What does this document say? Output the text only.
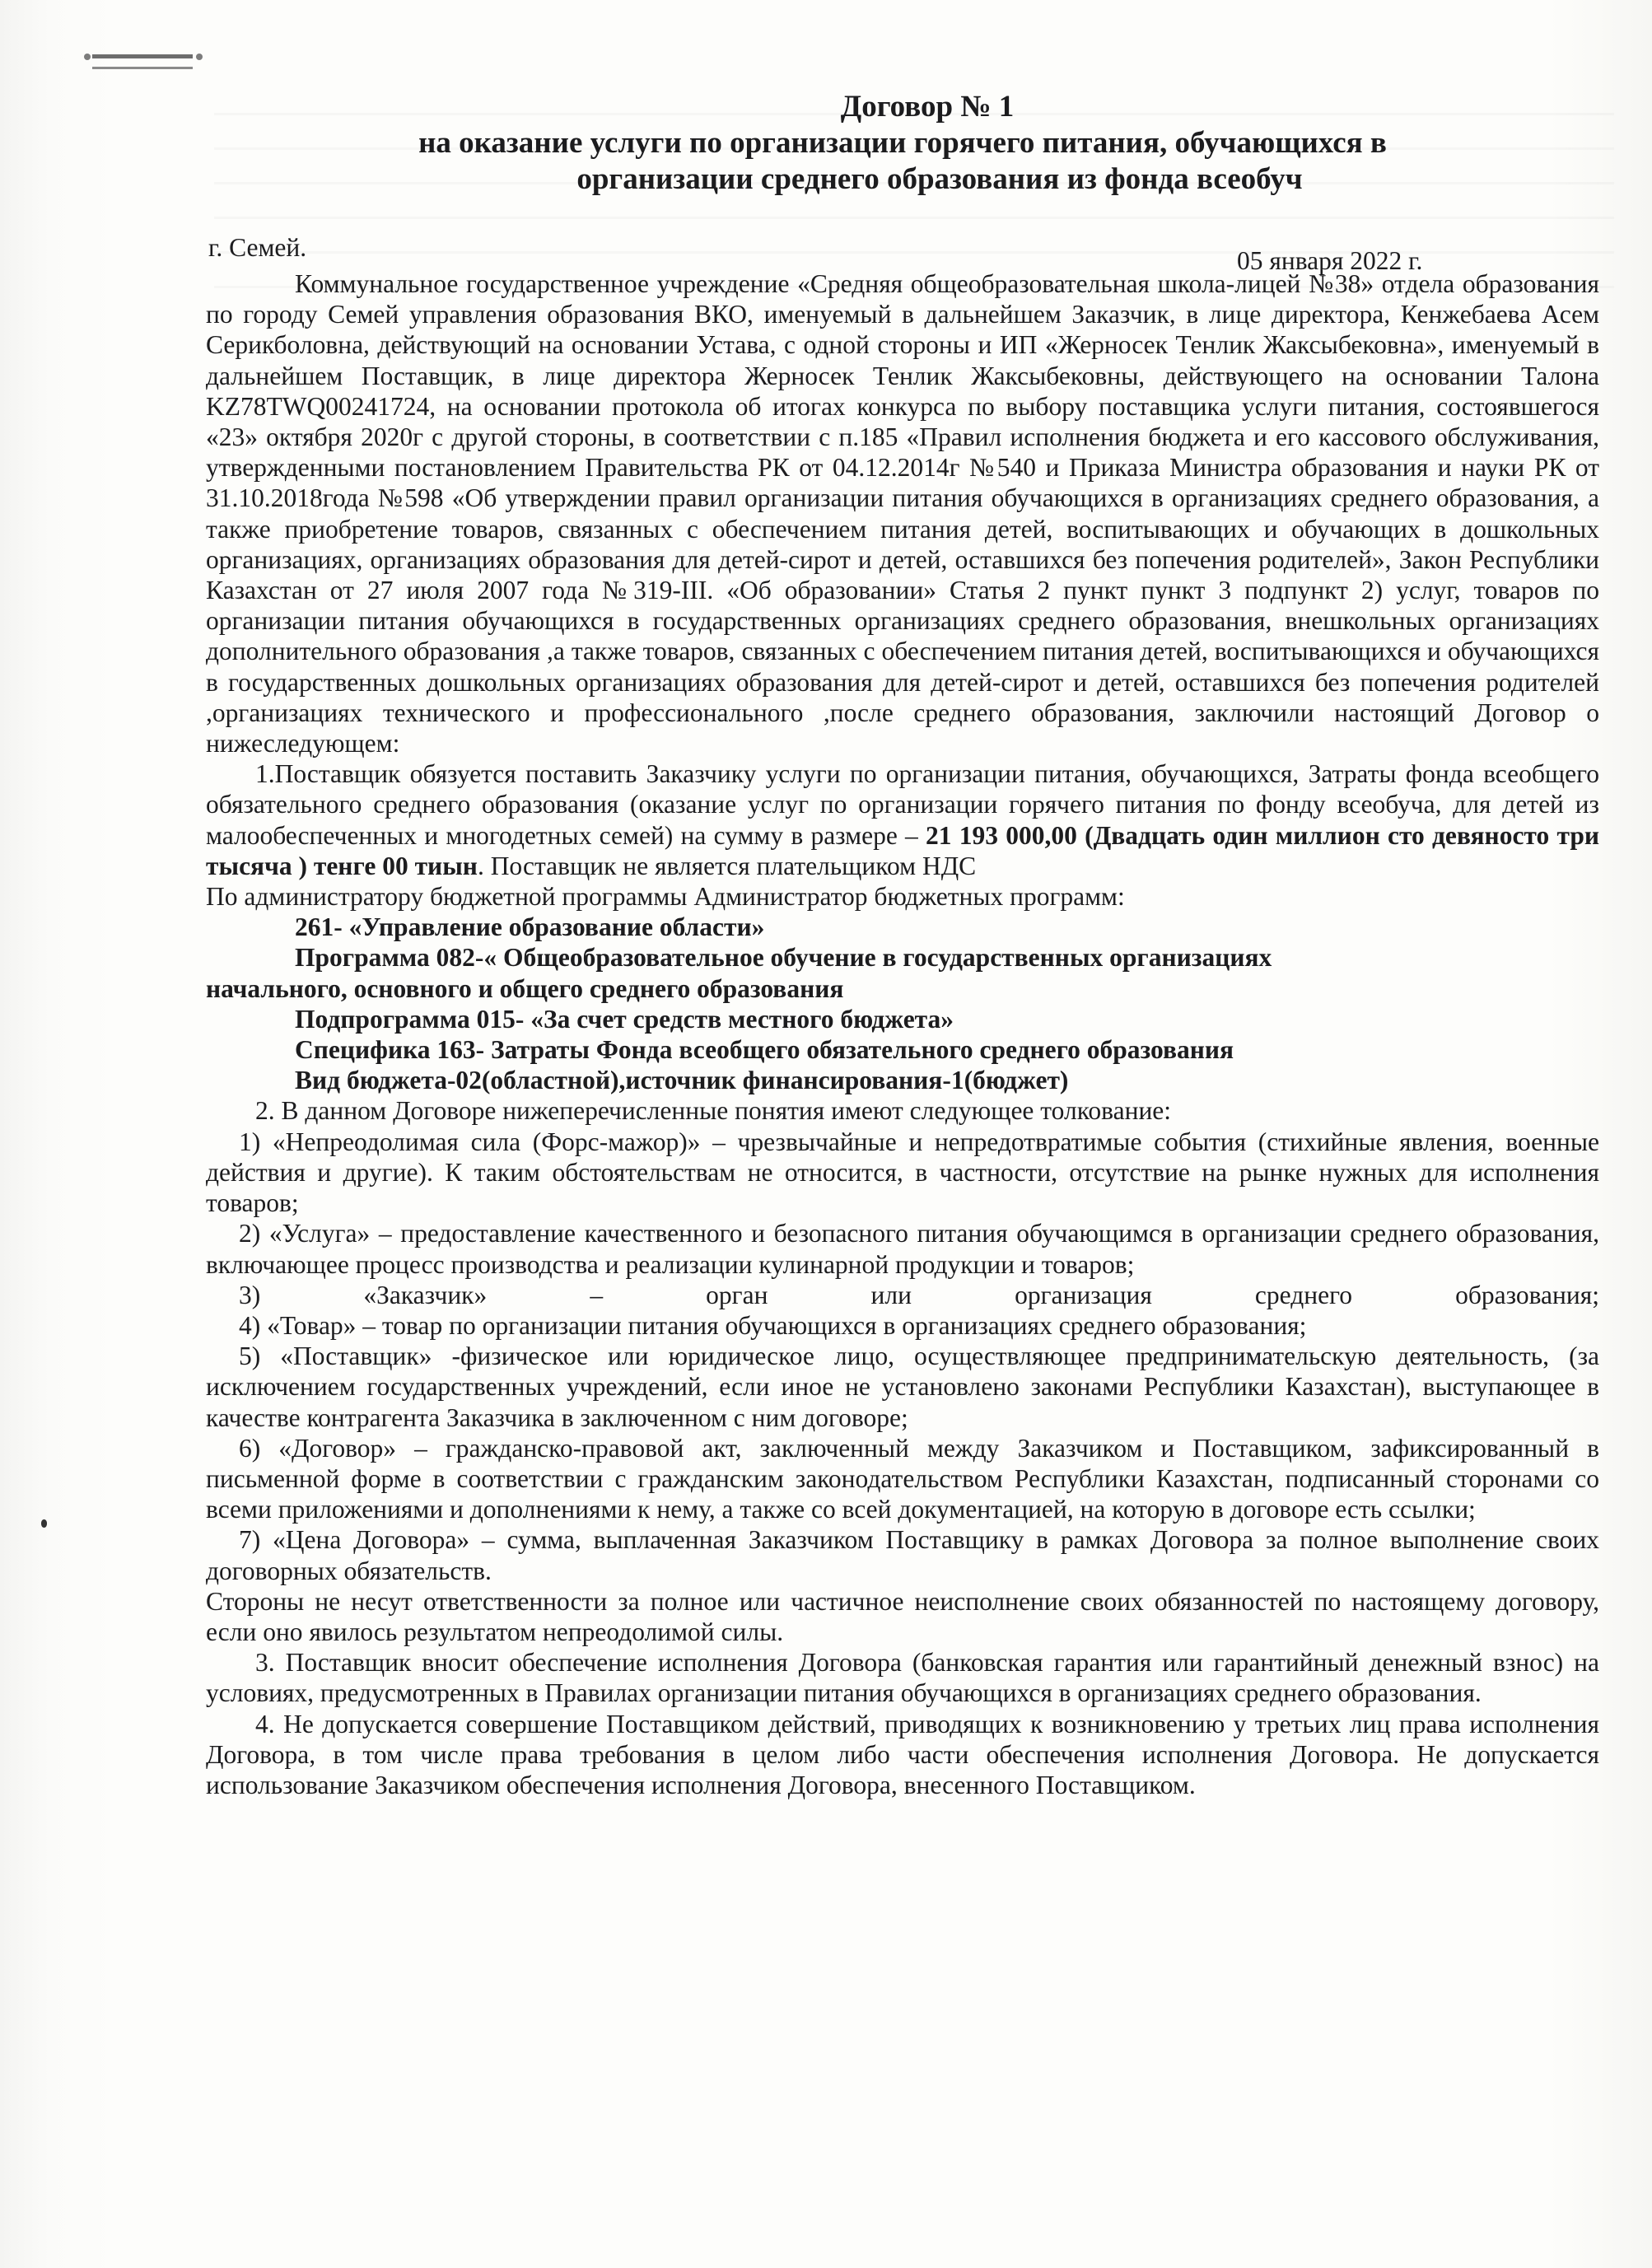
Договор № 1
на оказание услуги по организации горячего питания, обучающихся в
организации среднего образования из фонда всеобуч
г. Семей.	05 января 2022 г.

Коммунальное государственное учреждение «Средняя общеобразовательная школа-лицей №38» отдела образования по городу Семей управления образования ВКО, именуемый в дальнейшем Заказчик, в лице директора, Кенжебаева Асем Серикболовна, действующий на основании Устава, с одной стороны и ИП «Жерносек Тенлик Жаксыбековна», именуемый в дальнейшем Поставщик, в лице директора Жерносек Тенлик Жаксыбековны, действующего на основании Талона KZ78TWQ00241724, на основании протокола об итогах конкурса по выбору поставщика услуги питания, состоявшегося «23» октября 2020г с другой стороны, в соответствии с п.185 «Правил исполнения бюджета и его кассового обслуживания, утвержденными постановлением Правительства РК от 04.12.2014г №540 и Приказа Министра образования и науки РК от 31.10.2018года №598 «Об утверждении правил организации питания обучающихся в организациях среднего образования, а также приобретение товаров, связанных с обеспечением питания детей, воспитывающих и обучающих в дошкольных организациях, организациях образования для детей-сирот и детей, оставшихся без попечения родителей», Закон Республики Казахстан от 27 июля 2007 года №319-III. «Об образовании» Статья 2 пункт пункт 3 подпункт 2) услуг, товаров по организации питания обучающихся в государственных организациях среднего образования, внешкольных организациях дополнительного образования ,а также товаров, связанных с обеспечением питания детей, воспитывающихся и обучающихся в государственных дошкольных организациях образования для детей-сирот и детей, оставшихся без попечения родителей ,организациях технического и профессионального ,после среднего образования, заключили настоящий Договор о нижеследующем:

1.Поставщик обязуется поставить Заказчику услуги по организации питания, обучающихся, Затраты фонда всеобщего обязательного среднего образования (оказание услуг по организации горячего питания по фонду всеобуча, для детей из малообеспеченных и многодетных семей) на сумму в размере – 21 193 000,00 (Двадцать один миллион сто девяносто три тысяча ) тенге 00 тиын. Поставщик не является плательщиком НДС

По администратору бюджетной программы Администратор бюджетных программ:

261- «Управление образование области»
Программа 082-« Общеобразовательное обучение в государственных организациях
начального, основного и общего среднего образования
Подпрограмма 015- «За счет средств местного бюджета»
Специфика 163- Затраты Фонда всеобщего обязательного среднего образования
Вид бюджета-02(областной),источник финансирования-1(бюджет)

2. В данном Договоре нижеперечисленные понятия имеют следующее толкование:

1) «Непреодолимая сила (Форс-мажор)» – чрезвычайные и непредотвратимые события (стихийные явления, военные действия и другие). К таким обстоятельствам не относится, в частности, отсутствие на рынке нужных для исполнения товаров;

2) «Услуга» – предоставление качественного и безопасного питания обучающимся в организации среднего образования, включающее процесс производства и реализации кулинарной продукции и товаров;

3) «Заказчик» – орган или организация среднего образования;

4) «Товар» – товар по организации питания обучающихся в организациях среднего образования;

5) «Поставщик» -физическое или юридическое лицо, осуществляющее предпринимательскую деятельность, (за исключением государственных учреждений, если иное не установлено законами Республики Казахстан), выступающее в качестве контрагента Заказчика в заключенном с ним договоре;

6) «Договор» – гражданско-правовой акт, заключенный между Заказчиком и Поставщиком, зафиксированный в письменной форме в соответствии с гражданским законодательством Республики Казахстан, подписанный сторонами со всеми приложениями и дополнениями к нему, а также со всей документацией, на которую в договоре есть ссылки;

7) «Цена Договора» – сумма, выплаченная Заказчиком Поставщику в рамках Договора за полное выполнение своих договорных обязательств.

Стороны не несут ответственности за полное или частичное неисполнение своих обязанностей по настоящему договору, если оно явилось результатом непреодолимой силы.

3. Поставщик вносит обеспечение исполнения Договора (банковская гарантия или гарантийный денежный взнос) на условиях, предусмотренных в Правилах организации питания обучающихся в организациях среднего образования.

4. Не допускается совершение Поставщиком действий, приводящих к возникновению у третьих лиц права исполнения Договора, в том числе права требования в целом либо части обеспечения исполнения Договора. Не допускается использование Заказчиком обеспечения исполнения Договора, внесенного Поставщиком.
